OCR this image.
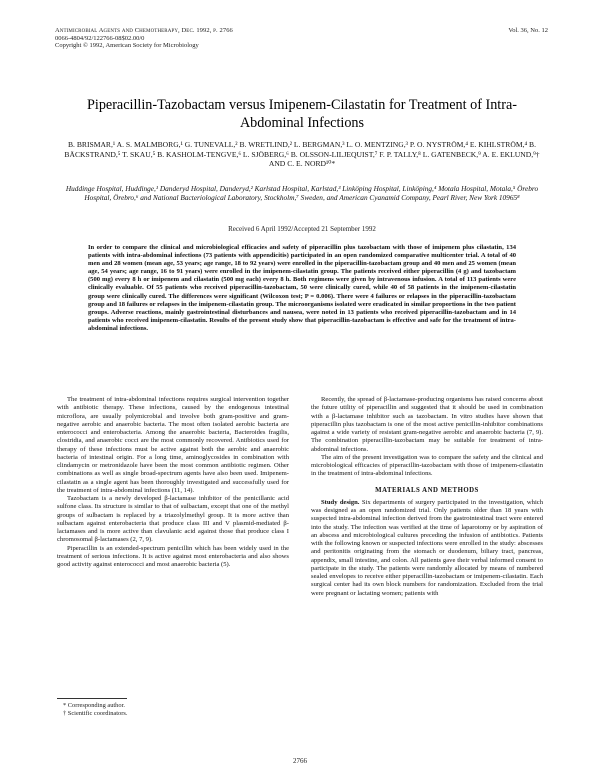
Antimicrobial Agents and Chemotherapy, Dec. 1992, p. 2766
0066-4804/92/122766-08$02.00/0
Copyright © 1992, American Society for Microbiology
Vol. 36, No. 12
Piperacillin-Tazobactam versus Imipenem-Cilastatin for Treatment of Intra-Abdominal Infections
B. BRISMAR,¹ A. S. MALMBORG,¹ G. TUNEVALL,² B. WRETLIND,² L. BERGMAN,³ L. O. MENTZING,³ P. O. NYSTRÖM,⁴ E. KIHLSTRÖM,⁴ B. BÄCKSTRAND,⁵ T. SKAU,⁵ B. KASHOLM-TENGVE,⁶ L. SJÖBERG,⁶ B. OLSSON-LILJEQUIST,⁷ F. P. TALLY,⁸ L. GATENBECK,⁹ A. E. EKLUND,⁹† AND C. E. NORD¹⁰*
Huddinge Hospital, Huddinge,¹ Danderyd Hospital, Danderyd,² Karlstad Hospital, Karlstad,³ Linköping Hospital, Linköping,⁴ Motala Hospital, Motala,⁵ Örebro Hospital, Örebro,⁶ and National Bacteriological Laboratory, Stockholm,⁷ Sweden, and American Cyanamid Company, Pearl River, New York 10965⁸
Received 6 April 1992/Accepted 21 September 1992
In order to compare the clinical and microbiological efficacies and safety of piperacillin plus tazobactam with those of imipenem plus cilastatin, 134 patients with intra-abdominal infections (73 patients with appendicitis) participated in an open randomized comparative multicenter trial. A total of 40 men and 28 women (mean age, 53 years; age range, 18 to 92 years) were enrolled in the piperacillin-tazobactam group and 40 men and 25 women (mean age, 54 years; age range, 16 to 91 years) were enrolled in the imipenem-cilastatin group. The patients received either piperacillin (4 g) and tazobactam (500 mg) every 8 h or imipenem and cilastatin (500 mg each) every 8 h. Both regimens were given by intravenous infusion. A total of 113 patients were clinically evaluable. Of 55 patients who received piperacillin-tazobactam, 50 were clinically cured, while 40 of 58 patients in the imipenem-cilastatin group were clinically cured. The differences were significant (Wilcoxon test; P = 0.006). There were 4 failures or relapses in the piperacillin-tazobactam group and 18 failures or relapses in the imipenem-cilastatin group. The microorganisms isolated were eradicated in similar proportions in the two patient groups. Adverse reactions, mainly gastrointestinal disturbances and nausea, were noted in 13 patients who received piperacillin-tazobactam and in 14 patients who received imipenem-cilastatin. Results of the present study show that piperacillin-tazobactam is effective and safe for the treatment of intra-abdominal infections.

The treatment of intra-abdominal infections requires surgical intervention together with antibiotic therapy. These infections, caused by the endogenous intestinal microflora, are usually polymicrobial and involve both gram-positive and gram-negative aerobic and anaerobic bacteria. The most often isolated aerobic bacteria are enterococci and enterobacteria. Among the anaerobic bacteria, Bacteroides fragilis, clostridia, and anaerobic cocci are the most commonly recovered. Antibiotics used for therapy of these infections must be active against both the aerobic and anaerobic bacteria of intestinal origin. For a long time, aminoglycosides in combination with clindamycin or metronidazole have been the most common antibiotic regimen. Other combinations as well as single broad-spectrum agents have also been used. Imipenem-cilastatin as a single agent has been thoroughly investigated and successfully used for the treatment of intra-abdominal infections (11, 14).

Tazobactam is a newly developed β-lactamase inhibitor of the penicillanic acid sulfone class. Its structure is similar to that of sulbactam, except that one of the methyl groups of sulbactam is replaced by a triazolylmethyl group. It is more active than sulbactam against enterobacteria that produce class III and V plasmid-mediated β-lactamases and is more active than clavulanic acid against those that produce class I chromosomal β-lactamases (2, 7, 9).

Piperacillin is an extended-spectrum penicillin which has been widely used in the treatment of serious infections. It is active against most enterobacteria and also shows good activity against enterococci and most anaerobic bacteria (5).

Recently, the spread of β-lactamase-producing organisms has raised concerns about the future utility of piperacillin and suggested that it should be used in combination with a β-lactamase inhibitor such as tazobactam. In vitro studies have shown that piperacillin plus tazobactam is one of the most active penicillin-inhibitor combinations against a wide variety of resistant gram-negative aerobic and anaerobic bacteria (7, 9). The combination piperacillin-tazobactam may be suitable for treatment of intra-abdominal infections.

The aim of the present investigation was to compare the safety and the clinical and microbiological efficacies of piperacillin-tazobactam with those of imipenem-cilastatin in the treatment of intra-abdominal infections.

MATERIALS AND METHODS

Study design. Six departments of surgery participated in the investigation, which was designed as an open randomized trial. Only patients older than 18 years with suspected intra-abdominal infection derived from the gastrointestinal tract were entered into the study. The infection was verified at the time of laparotomy or by aspiration of an abscess and microbiological cultures preceding the infusion of antibiotics. Patients with the following known or suspected infections were enrolled in the study: abscesses and peritonitis originating from the stomach or duodenum, biliary tract, pancreas, appendix, small intestine, and colon. All patients gave their verbal informed consent to participate in the study. The patients were randomly allocated by means of numbered sealed envelopes to receive either piperacillin-tazobactam or imipenem-cilastatin. Each surgical center had its own block numbers for randomization. Excluded from the trial were pregnant or lactating women; patients with

* Corresponding author.
† Scientific coordinators.
2766
